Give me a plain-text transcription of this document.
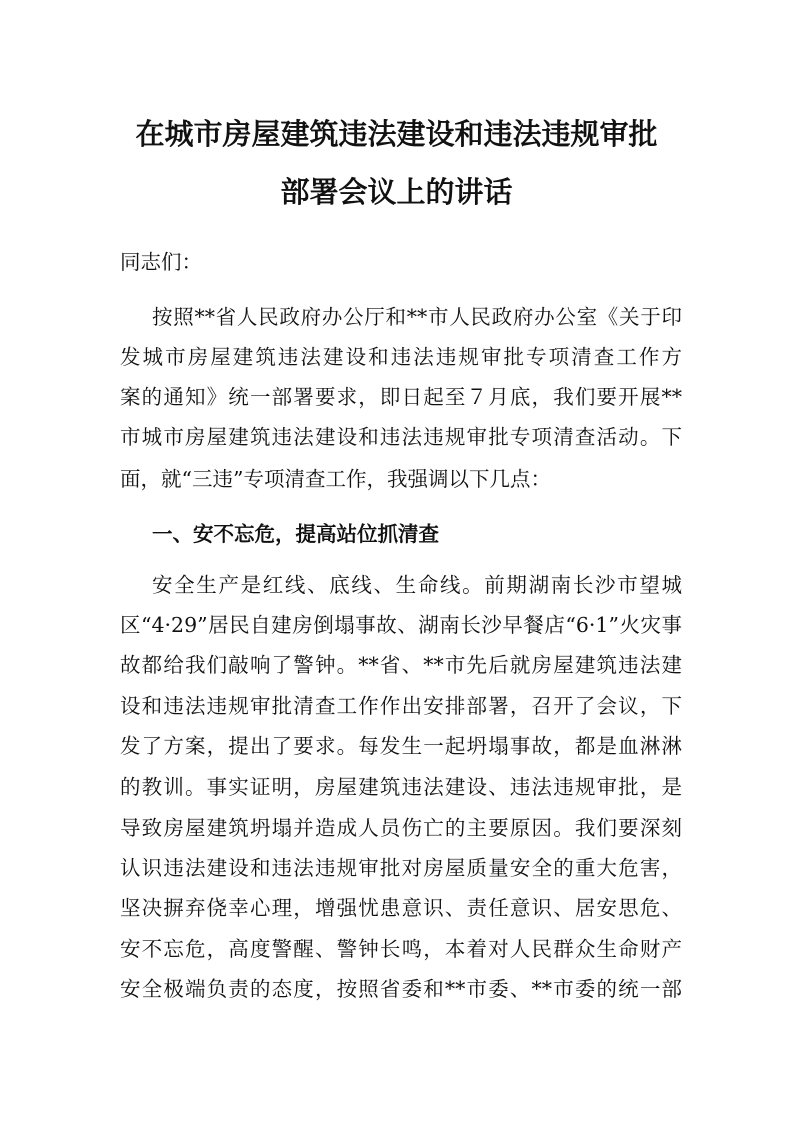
在城市房屋建筑违法建设和违法违规审批
部署会议上的讲话
同志们：
按照**省人民政府办公厅和**市人民政府办公室《关于印
发城市房屋建筑违法建设和违法违规审批专项清查工作方
案的通知》统一部署要求，即日起至７月底，我们要开展**
市城市房屋建筑违法建设和违法违规审批专项清查活动。下
面，就“三违”专项清查工作，我强调以下几点：
一、安不忘危，提高站位抓清查
安全生产是红线、底线、生命线。前期湖南长沙市望城
区“4·29”居民自建房倒塌事故、湖南长沙早餐店“6·1”火灾事
故都给我们敲响了警钟。**省、**市先后就房屋建筑违法建
设和违法违规审批清查工作作出安排部署，召开了会议，下
发了方案，提出了要求。每发生一起坍塌事故，都是血淋淋
的教训。事实证明，房屋建筑违法建设、违法违规审批，是
导致房屋建筑坍塌并造成人员伤亡的主要原因。我们要深刻
认识违法建设和违法违规审批对房屋质量安全的重大危害，
坚决摒弃侥幸心理，增强忧患意识、责任意识、居安思危、
安不忘危，高度警醒、警钟长鸣，本着对人民群众生命财产
安全极端负责的态度，按照省委和**市委、**市委的统一部
